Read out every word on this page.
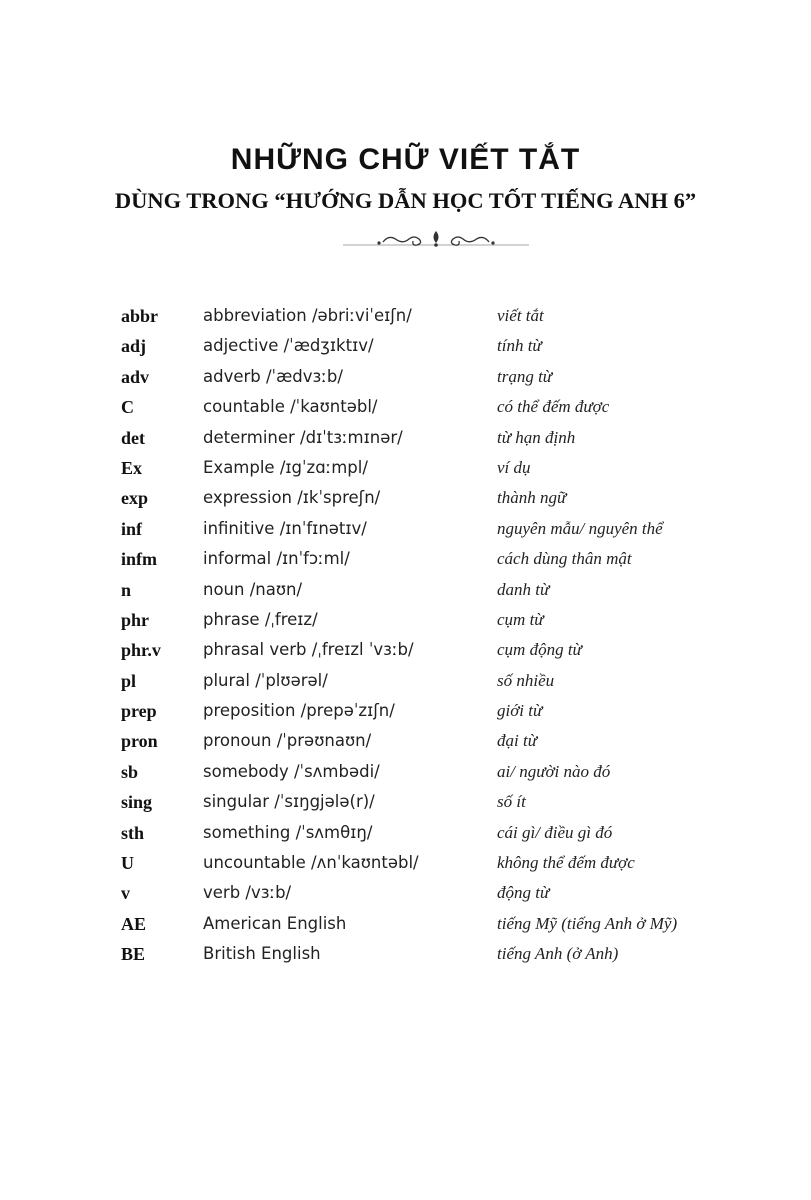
NHỮNG CHỮ VIẾT TẮT
DÙNG TRONG “HƯỚNG DẪN HỌC TỐT TIẾNG ANH 6”
abbr	abbreviation /əbriːviˈeɪʃn/	viết tắt
adj	adjective /ˈædʒɪktɪv/	tính từ
adv	adverb /ˈædvɜːb/	trạng từ
C	countable /ˈkaʊntəbl/	có thể đếm được
det	determiner /dɪˈtɜːmɪnər/	từ hạn định
Ex	Example /ɪgˈzɑːmpl/	ví dụ
exp	expression /ɪkˈspreʃn/	thành ngữ
inf	infinitive /ɪnˈfɪnətɪv/	nguyên mẫu/ nguyên thể
infm	informal /ɪnˈfɔːml/	cách dùng thân mật
n	noun /naʊn/	danh từ
phr	phrase /ˌfreɪz/	cụm từ
phr.v	phrasal verb /ˌfreɪzl ˈvɜːb/	cụm động từ
pl	plural /ˈplʊərəl/	số nhiều
prep	preposition /prepəˈzɪʃn/	giới từ
pron	pronoun /ˈprəʊnaʊn/	đại từ
sb	somebody /ˈsʌmbədi/	ai/ người nào đó
sing	singular /ˈsɪŋgjələ(r)/	số ít
sth	something /ˈsʌmθɪŋ/	cái gì/ điều gì đó
U	uncountable /ʌnˈkaʊntəbl/	không thể đếm được
v	verb /vɜːb/	động từ
AE	American English	tiếng Mỹ (tiếng Anh ở Mỹ)
BE	British English	tiếng Anh (ở Anh)
